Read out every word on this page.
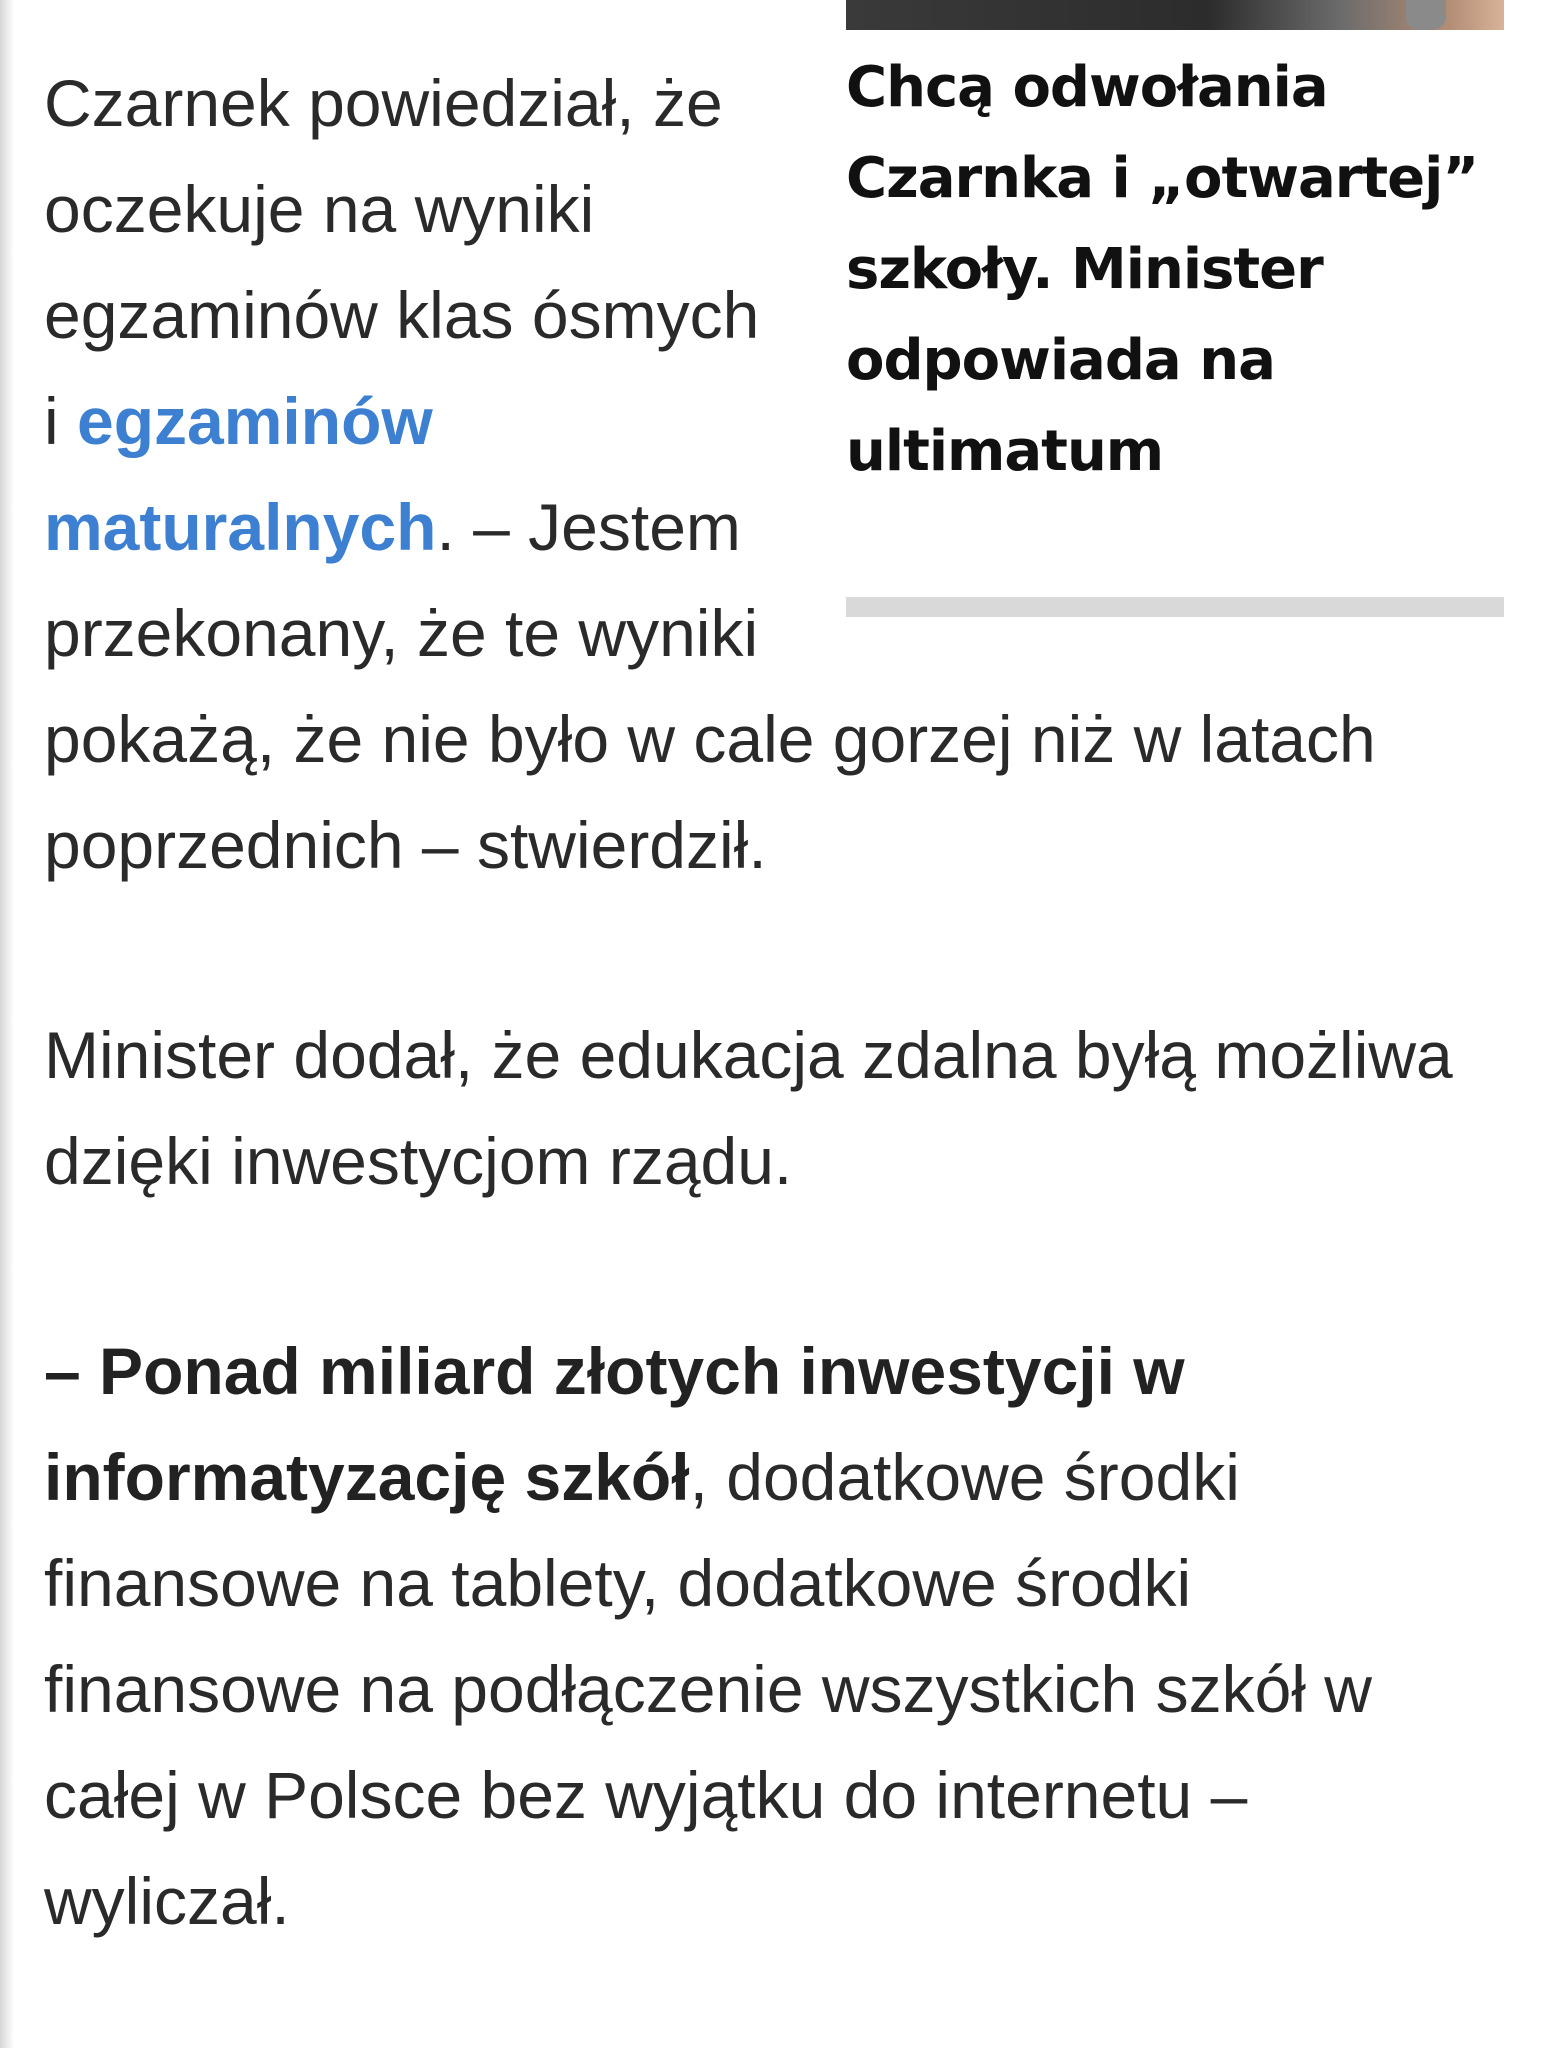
Chcą odwołania Czarnka i „otwartej” szkoły. Minister odpowiada na ultimatum

Czarnek powiedział, że oczekuje na wyniki egzaminów klas ósmych i egzaminów maturalnych. – Jestem przekonany, że te wyniki pokażą, że nie było w cale gorzej niż w latach poprzednich – stwierdził.

Minister dodał, że edukacja zdalna byłą możliwa dzięki inwestycjom rządu.

– Ponad miliard złotych inwestycji w informatyzację szkół, dodatkowe środki finansowe na tablety, dodatkowe środki finansowe na podłączenie wszystkich szkół w całej w Polsce bez wyjątku do internetu – wyliczał.
